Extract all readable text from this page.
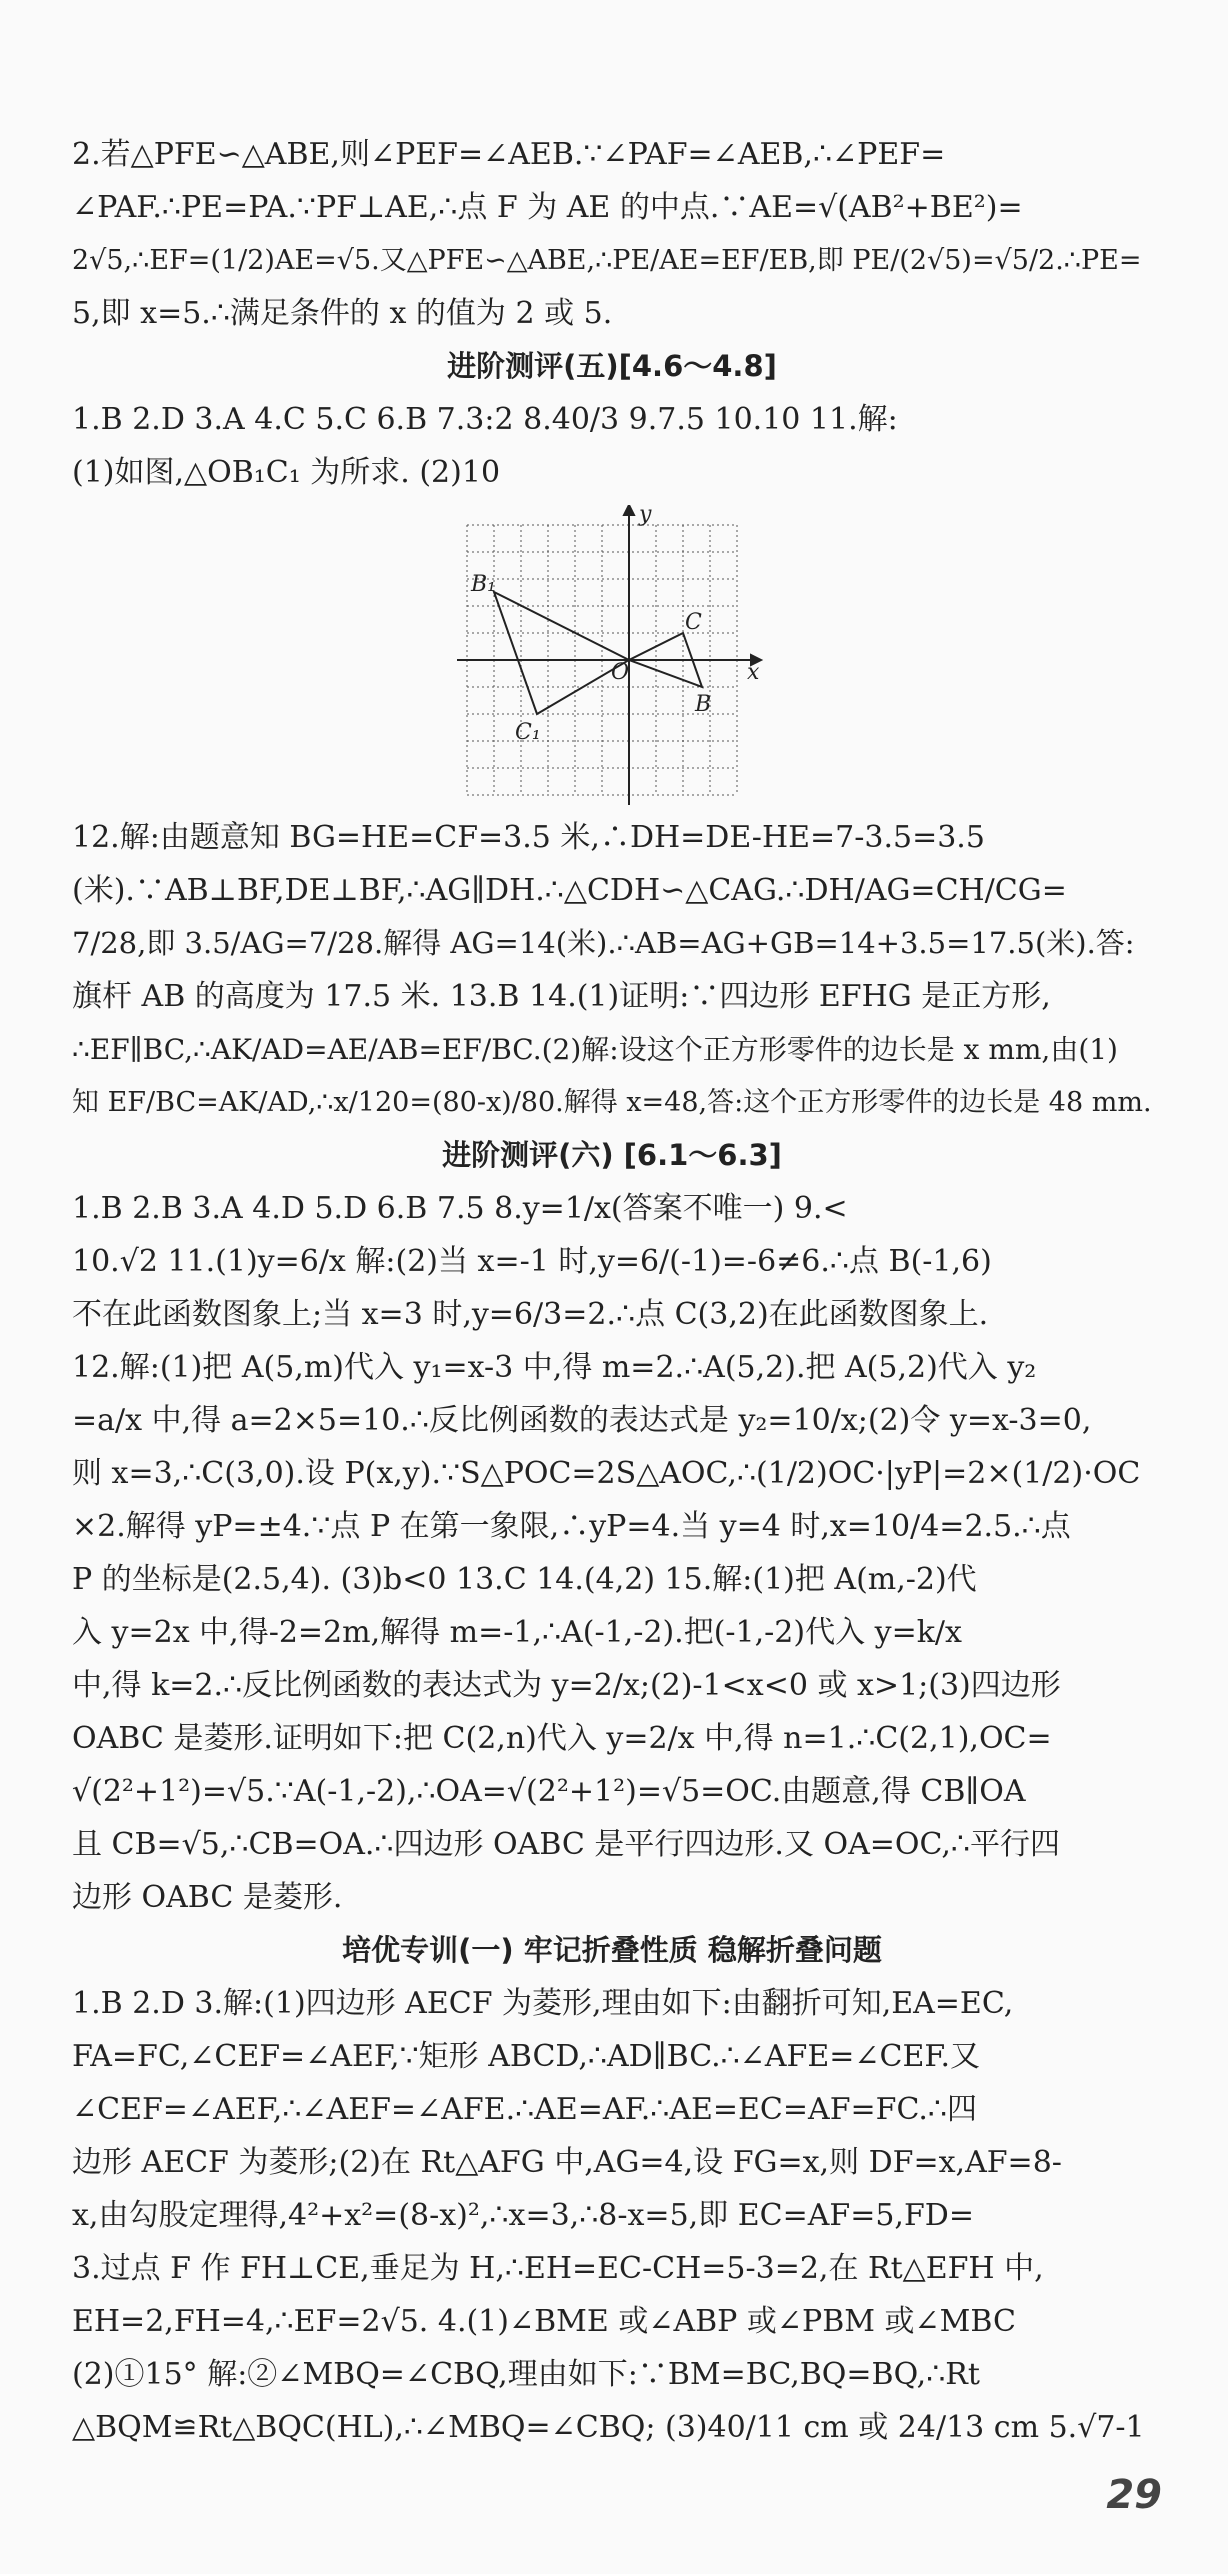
2.若△PFE∽△ABE,则∠PEF=∠AEB.∵∠PAF=∠AEB,∴∠PEF=
∠PAF.∴PE=PA.∵PF⊥AE,∴点 F 为 AE 的中点.∵AE=√(AB²+BE²)=
2√5,∴EF=(1/2)AE=√5.又△PFE∽△ABE,∴PE/AE=EF/EB,即 PE/(2√5)=√5/2.∴PE=
5,即 x=5.∴满足条件的 x 的值为 2 或 5.
进阶测评(五)[4.6～4.8]
1.B 2.D 3.A 4.C 5.C 6.B 7.3:2 8.40/3 9.7.5 10.10 11.解:
(1)如图,△OB₁C₁ 为所求. (2)10
B₁
C
O
C₁
B
x
y
12.解:由题意知 BG=HE=CF=3.5 米,∴DH=DE-HE=7-3.5=3.5
(米).∵AB⊥BF,DE⊥BF,∴AG∥DH.∴△CDH∽△CAG.∴DH/AG=CH/CG=
7/28,即 3.5/AG=7/28.解得 AG=14(米).∴AB=AG+GB=14+3.5=17.5(米).答:
旗杆 AB 的高度为 17.5 米. 13.B 14.(1)证明:∵四边形 EFHG 是正方形,
∴EF∥BC,∴AK/AD=AE/AB=EF/BC.(2)解:设这个正方形零件的边长是 x mm,由(1)
知 EF/BC=AK/AD,∴x/120=(80-x)/80.解得 x=48,答:这个正方形零件的边长是 48 mm.
进阶测评(六) [6.1～6.3]
1.B 2.B 3.A 4.D 5.D 6.B 7.5 8.y=1/x(答案不唯一) 9.<
10.√2 11.(1)y=6/x 解:(2)当 x=-1 时,y=6/(-1)=-6≠6.∴点 B(-1,6)
不在此函数图象上;当 x=3 时,y=6/3=2.∴点 C(3,2)在此函数图象上.
12.解:(1)把 A(5,m)代入 y₁=x-3 中,得 m=2.∴A(5,2).把 A(5,2)代入 y₂
=a/x 中,得 a=2×5=10.∴反比例函数的表达式是 y₂=10/x;(2)令 y=x-3=0,
则 x=3,∴C(3,0).设 P(x,y).∵S△POC=2S△AOC,∴(1/2)OC·|yP|=2×(1/2)·OC
×2.解得 yP=±4.∵点 P 在第一象限,∴yP=4.当 y=4 时,x=10/4=2.5.∴点
P 的坐标是(2.5,4). (3)b<0 13.C 14.(4,2) 15.解:(1)把 A(m,-2)代
入 y=2x 中,得-2=2m,解得 m=-1,∴A(-1,-2).把(-1,-2)代入 y=k/x
中,得 k=2.∴反比例函数的表达式为 y=2/x;(2)-1<x<0 或 x>1;(3)四边形
OABC 是菱形.证明如下:把 C(2,n)代入 y=2/x 中,得 n=1.∴C(2,1),OC=
√(2²+1²)=√5.∵A(-1,-2),∴OA=√(2²+1²)=√5=OC.由题意,得 CB∥OA
且 CB=√5,∴CB=OA.∴四边形 OABC 是平行四边形.又 OA=OC,∴平行四
边形 OABC 是菱形.
培优专训(一) 牢记折叠性质 稳解折叠问题
1.B 2.D 3.解:(1)四边形 AECF 为菱形,理由如下:由翻折可知,EA=EC,
FA=FC,∠CEF=∠AEF,∵矩形 ABCD,∴AD∥BC.∴∠AFE=∠CEF.又
∠CEF=∠AEF,∴∠AEF=∠AFE.∴AE=AF.∴AE=EC=AF=FC.∴四
边形 AECF 为菱形;(2)在 Rt△AFG 中,AG=4,设 FG=x,则 DF=x,AF=8-
x,由勾股定理得,4²+x²=(8-x)²,∴x=3,∴8-x=5,即 EC=AF=5,FD=
3.过点 F 作 FH⊥CE,垂足为 H,∴EH=EC-CH=5-3=2,在 Rt△EFH 中,
EH=2,FH=4,∴EF=2√5. 4.(1)∠BME 或∠ABP 或∠PBM 或∠MBC
(2)①15° 解:②∠MBQ=∠CBQ,理由如下:∵BM=BC,BQ=BQ,∴Rt
△BQM≌Rt△BQC(HL),∴∠MBQ=∠CBQ; (3)40/11 cm 或 24/13 cm 5.√7-1
29
